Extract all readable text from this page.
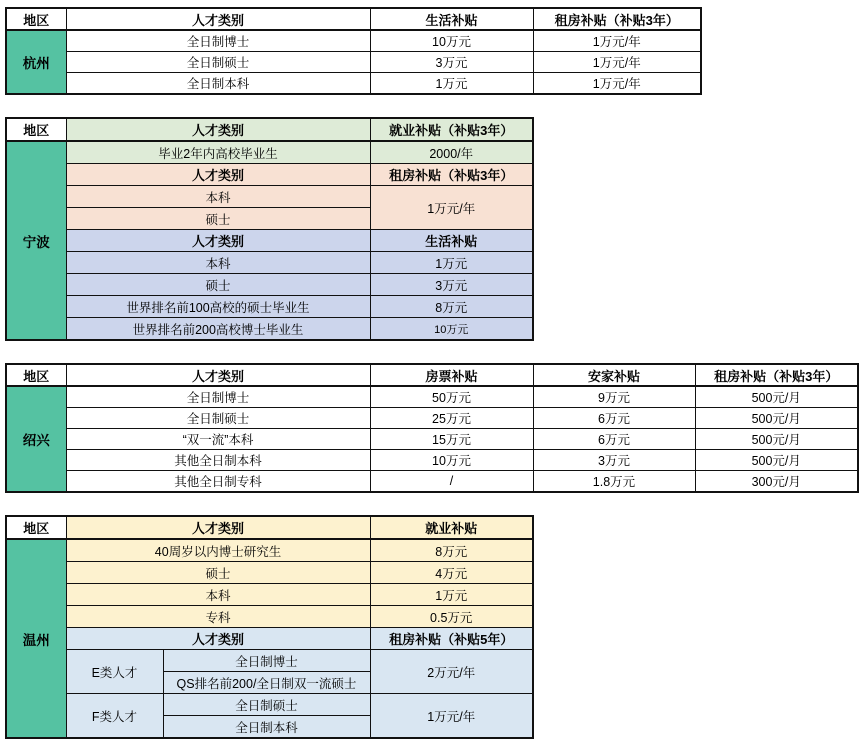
地区	人才类别	生活补贴	租房补贴（补贴3年）
杭州	全日制博士	10万元	1万元/年
	全日制硕士	3万元	1万元/年
	全日制本科	1万元	1万元/年
地区	人才类别	就业补贴（补贴3年）
宁波	毕业2年内高校毕业生	2000/年
	人才类别	租房补贴（补贴3年）
	本科	1万元/年
	硕士	
	人才类别	生活补贴
	本科	1万元
	硕士	3万元
	世界排名前100高校的硕士毕业生	8万元
	世界排名前200高校博士毕业生	10万元
地区	人才类别	房票补贴	安家补贴	租房补贴（补贴3年）
绍兴	全日制博士	50万元	9万元	500元/月
	全日制硕士	25万元	6万元	500元/月
	“双一流”本科	15万元	6万元	500元/月
	其他全日制本科	10万元	3万元	500元/月
	其他全日制专科	/	1.8万元	300元/月
地区	人才类别		就业补贴
温州	40周岁以内博士研究生		8万元
	硕士		4万元
	本科		1万元
	专科		0.5万元
	人才类别		租房补贴（补贴5年）
	E类人才	全日制博士	2万元/年
		QS排名前200/全日制双一流硕士	
	F类人才	全日制硕士	1万元/年
		全日制本科	
